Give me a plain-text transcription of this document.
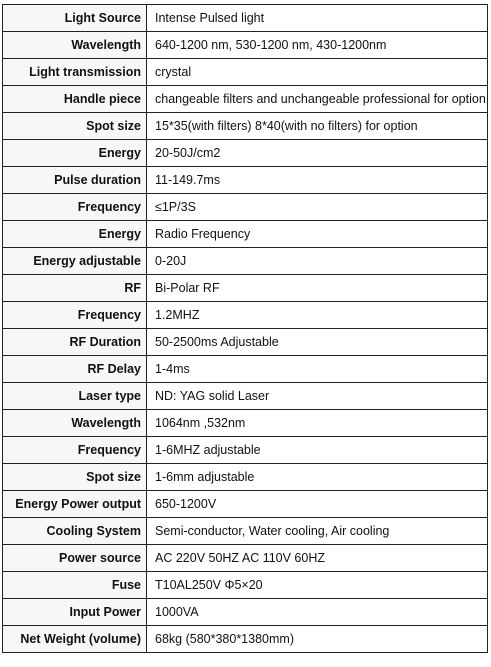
Light Source	Intense Pulsed light
Wavelength	640-1200 nm, 530-1200 nm, 430-1200nm
Light transmission	crystal
Handle piece	changeable filters and unchangeable professional for option
Spot size	15*35(with filters) 8*40(with no filters) for option
Energy	20-50J/cm2
Pulse duration	11-149.7ms
Frequency	≤1P/3S
Energy	Radio Frequency
Energy adjustable	0-20J
RF	Bi-Polar RF
Frequency	1.2MHZ
RF Duration	50-2500ms Adjustable
RF Delay	1-4ms
Laser type	ND: YAG solid Laser
Wavelength	1064nm ,532nm
Frequency	1-6MHZ adjustable
Spot size	1-6mm adjustable
Energy Power output	650-1200V
Cooling System	Semi-conductor, Water cooling, Air cooling
Power source	AC 220V 50HZ AC 110V 60HZ
Fuse	T10AL250V Φ5×20
Input Power	1000VA
Net Weight (volume)	68kg (580*380*1380mm)
